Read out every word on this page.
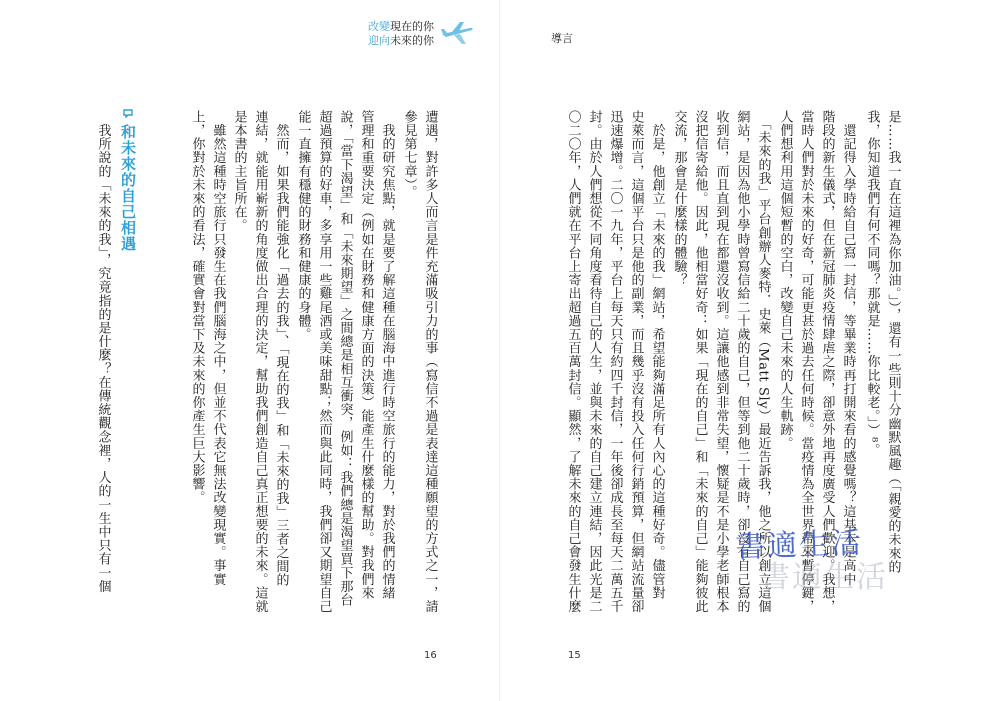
改變現在的你
迎向未來的你	導言
是……我一直在這裡為你加油。」），還有一些則十分幽默風趣（「親愛的未來的
我，你知道我們有何不同嗎？那就是……你比較老。」）⁸。
　還記得入學時給自己寫一封信，等畢業時再打開來看的感覺嗎？這基本是高中
階段的新生儀式，但在新冠肺炎疫情肆虐之際，卻意外地再度廣受人們歡迎。我想，
當時人們對於未來的好奇，可能更甚於過去任何時候。當疫情為全世界帶來暫停鍵，
人們想利用這個短暫的空白，改變自己未來的人生軌跡。
　「未來的我」平台創辦人麥特．史萊（Matt Sly）最近告訴我，他之所以創立這個
網站，是因為他小學時曾寫信給二十歲的自己，但等到他二十歲時，卻沒有自己寫的
收到信，而且直到現在都還沒收到。這讓他感到非常失望，懷疑是不是小學老師根本
沒把信寄給他。因此，他相當好奇：如果「現在的自己」和「未來的自己」能夠彼此
交流，那會是什麼樣的體驗？
　於是，他創立「未來的我」網站，希望能夠滿足所有人內心的這種好奇。儘管對
史萊而言，這個平台只是他的副業，而且幾乎沒有投入任何行銷預算，但網站流量卻
迅速爆增。二〇一九年，平台上每天只有約四千封信，一年後卻成長至每天二萬五千
封。由於人們想從不同角度看待自己的人生，並與未來的自己建立連結，因此光是二
〇二〇年，人們就在平台上寄出超過五百萬封信。顯然，了解未來的自己會發生什麼
遭遇，對許多人而言是件充滿吸引力的事（寫信不過是表達這種願望的方式之一，請
參見第七章）。
　我的研究焦點，就是要了解這種在腦海中進行時空旅行的能力，對於我們的情緒
管理和重要決定（例如在財務和健康方面的決策）能產生什麼樣的幫助。對我們來
說，「當下渴望」和「未來期望」之間總是相互衝突，例如：我們總是渴望買下那台
超過預算的好車，多享用一些雞尾酒或美味甜點；然而與此同時，我們卻又期望自己
能一直擁有穩健的財務和健康的身體。
　然而，如果我們能強化「過去的我」、「現在的我」和「未來的我」三者之間的
連結，就能用嶄新的角度做出合理的決定，幫助我們創造自己真正想要的未來。這就
是本書的主旨所在。
　雖然這種時空旅行只發生在我們腦海之中，但並不代表它無法改變現實。事實
上，你對於未來的看法，確實會對當下及未來的你產生巨大影響。
　我所說的「未來的我」，究竟指的是什麼？在傳統觀念裡，人的一生中只有一個 和未來的自己相遇
書適生活
書適生活
16	15
